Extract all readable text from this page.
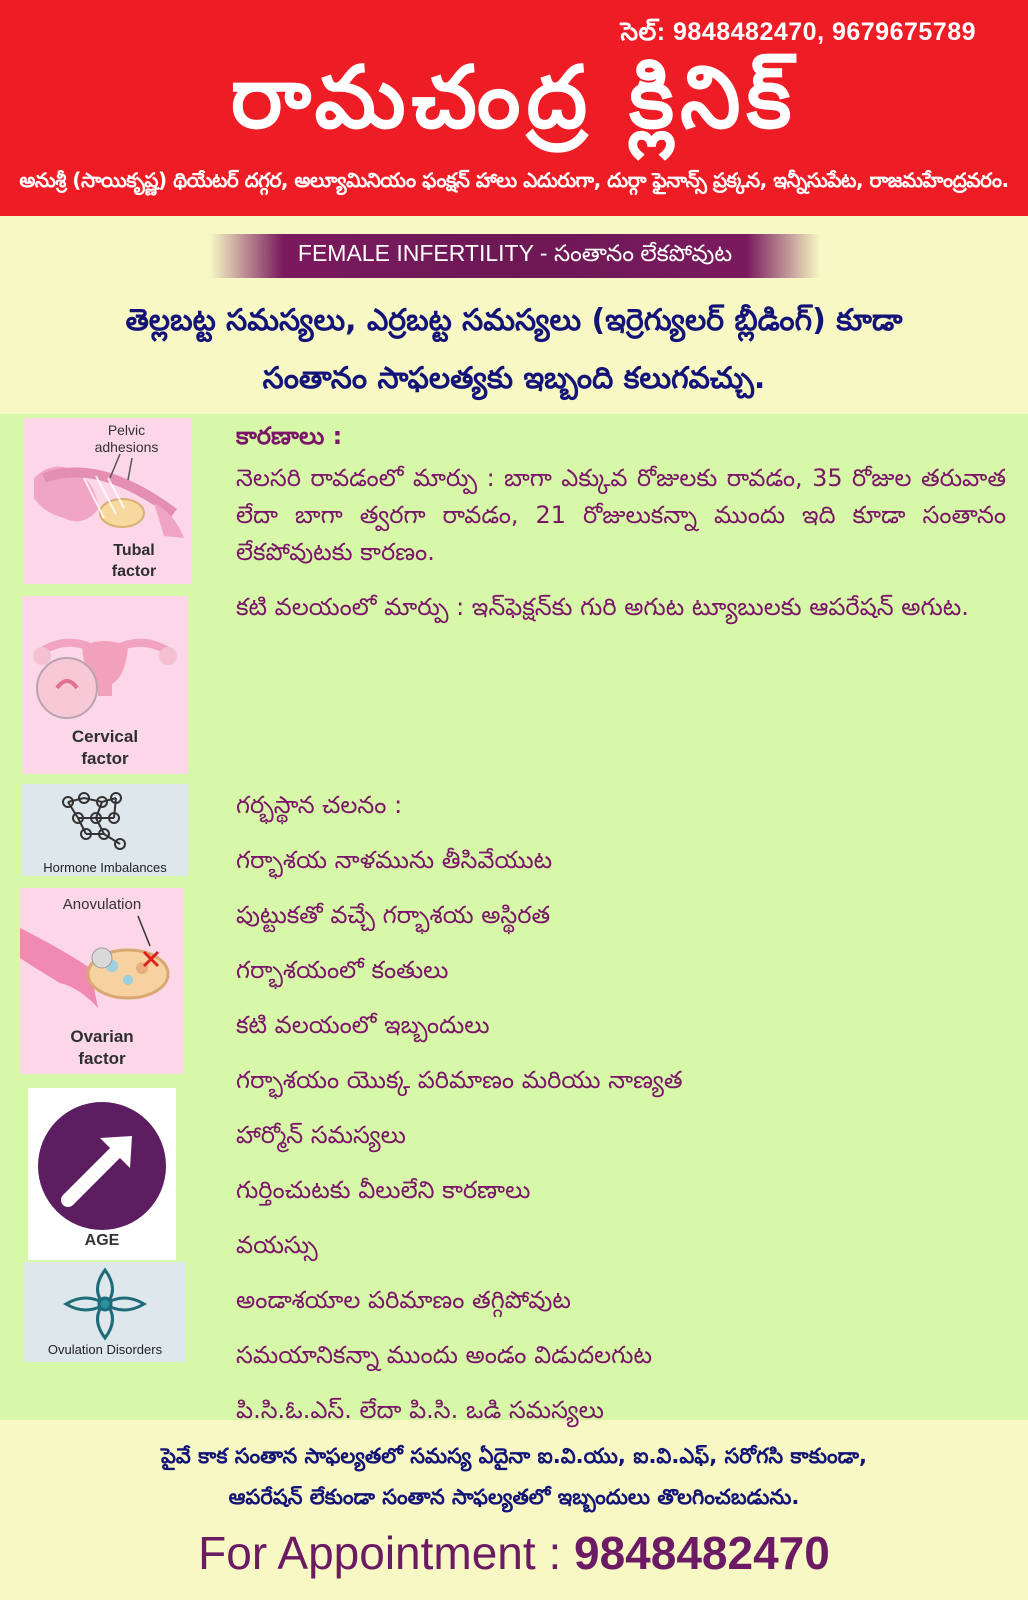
సెల్: 9848482470, 9679675789
రామచంద్ర క్లినిక్
అనుశ్రీ (సాయికృష్ణ) థియేటర్ దగ్గర, అల్యూమినియం ఫంక్షన్ హాలు ఎదురుగా, దుర్గా ఫైనాన్స్ ప్రక్కన, ఇన్నీసుపేట, రాజమహేంద్రవరం.
FEMALE INFERTILITY - సంతానం లేకపోవుట
తెల్లబట్ట సమస్యలు, ఎర్రబట్ట సమస్యలు (ఇర్రెగ్యులర్ బ్లీడింగ్) కూడా
సంతానం సాఫలత్యకు ఇబ్బంది కలుగవచ్చు.
Pelvic
adhesions
Tubal
factor
Cervical
factor
Hormone Imbalances
Anovulation
Ovarian
factor
AGE
Ovulation Disorders
కారణాలు :

నెలసరి రావడంలో మార్పు : బాగా ఎక్కువ రోజులకు రావడం, 35 రోజుల తరువాత లేదా బాగా త్వరగా రావడం, 21 రోజులుకన్నా ముందు ఇది కూడా సంతానం లేకపోవుటకు కారణం.

కటి వలయంలో మార్పు : ఇన్‌ఫెక్షన్‌కు గురి అగుట ట్యూబులకు ఆపరేషన్ అగుట.

గర్భస్థాన చలనం :
గర్భాశయ నాళమును తీసివేయుట
పుట్టుకతో వచ్చే గర్భాశయ అస్థిరత
గర్భాశయంలో కంతులు
కటి వలయంలో ఇబ్బందులు
గర్భాశయం యొక్క పరిమాణం మరియు నాణ్యత
హార్మోన్ సమస్యలు
గుర్తించుటకు వీలులేని కారణాలు
వయస్సు
అండాశయాల పరిమాణం తగ్గిపోవుట
సమయానికన్నా ముందు అండం విడుదలగుట
పి.సి.ఓ.ఎస్. లేదా పి.సి. ఒడి సమస్యలు
పైవే కాక సంతాన సాఫల్యతలో సమస్య ఏదైనా ఐ.వి.యు, ఐ.వి.ఎఫ్, సరోగసి కాకుండా,
ఆపరేషన్ లేకుండా సంతాన సాఫల్యతలో ఇబ్బందులు తొలగించబడును.
For Appointment : 9848482470
